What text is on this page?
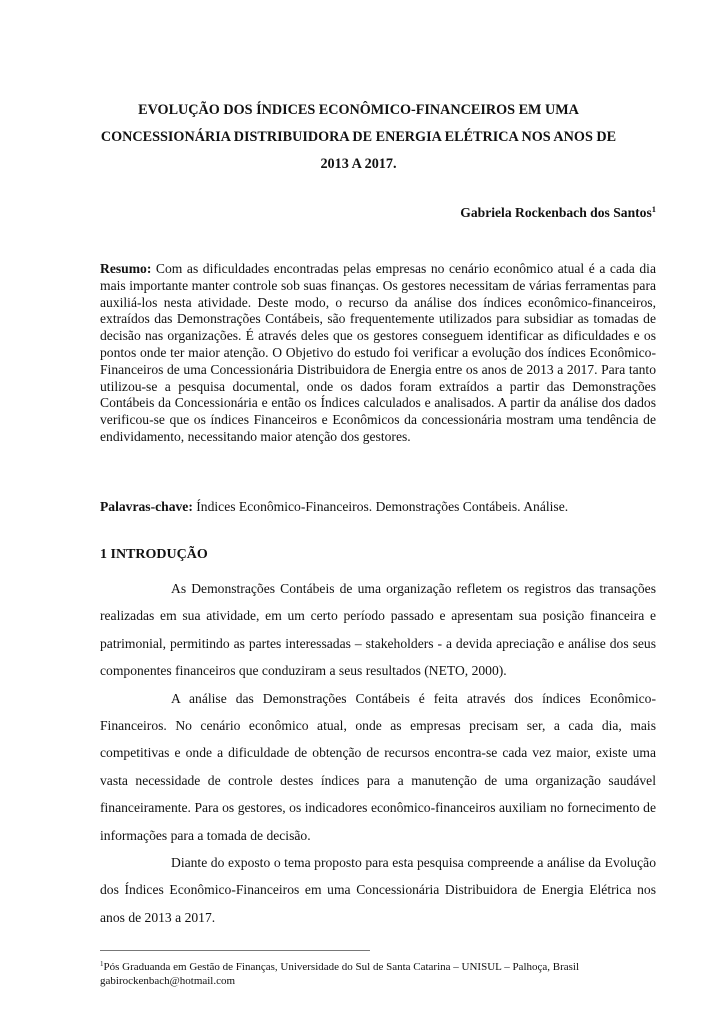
EVOLUÇÃO DOS ÍNDICES ECONÔMICO-FINANCEIROS EM UMA
CONCESSIONÁRIA DISTRIBUIDORA DE ENERGIA ELÉTRICA NOS ANOS DE
2013 A 2017.
Gabriela Rockenbach dos Santos$^1$
Resumo: Com as dificuldades encontradas pelas empresas no cenário econômico atual é a cada dia mais importante manter controle sob suas finanças. Os gestores necessitam de várias ferramentas para auxiliá-los nesta atividade. Deste modo, o recurso da análise dos índices econômico-financeiros, extraídos das Demonstrações Contábeis, são frequentemente utilizados para subsidiar as tomadas de decisão nas organizações. É através deles que os gestores conseguem identificar as dificuldades e os pontos onde ter maior atenção. O Objetivo do estudo foi verificar a evolução dos índices Econômico-Financeiros de uma Concessionária Distribuidora de Energia entre os anos de 2013 a 2017. Para tanto utilizou-se a pesquisa documental, onde os dados foram extraídos a partir das Demonstrações Contábeis da Concessionária e então os Índices calculados e analisados. A partir da análise dos dados verificou-se que os índices Financeiros e Econômicos da concessionária mostram uma tendência de endividamento, necessitando maior atenção dos gestores.
Palavras-chave: Índices Econômico-Financeiros. Demonstrações Contábeis. Análise.
1 INTRODUÇÃO

As Demonstrações Contábeis de uma organização refletem os registros das transações realizadas em sua atividade, em um certo período passado e apresentam sua posição financeira e patrimonial, permitindo as partes interessadas – stakeholders - a devida apreciação e análise dos seus componentes financeiros que conduziram a seus resultados (NETO, 2000).

A análise das Demonstrações Contábeis é feita através dos índices Econômico-Financeiros. No cenário econômico atual, onde as empresas precisam ser, a cada dia, mais competitivas e onde a dificuldade de obtenção de recursos encontra-se cada vez maior, existe uma vasta necessidade de controle destes índices para a manutenção de uma organização saudável financeiramente. Para os gestores, os indicadores econômico-financeiros auxiliam no fornecimento de informações para a tomada de decisão.

Diante do exposto o tema proposto para esta pesquisa compreende a análise da Evolução dos Índices Econômico-Financeiros em uma Concessionária Distribuidora de Energia Elétrica nos anos de 2013 a 2017.

$^1$Pós Graduanda em Gestão de Finanças, Universidade do Sul de Santa Catarina – UNISUL – Palhoça, Brasil
gabirockenbach@hotmail.com
